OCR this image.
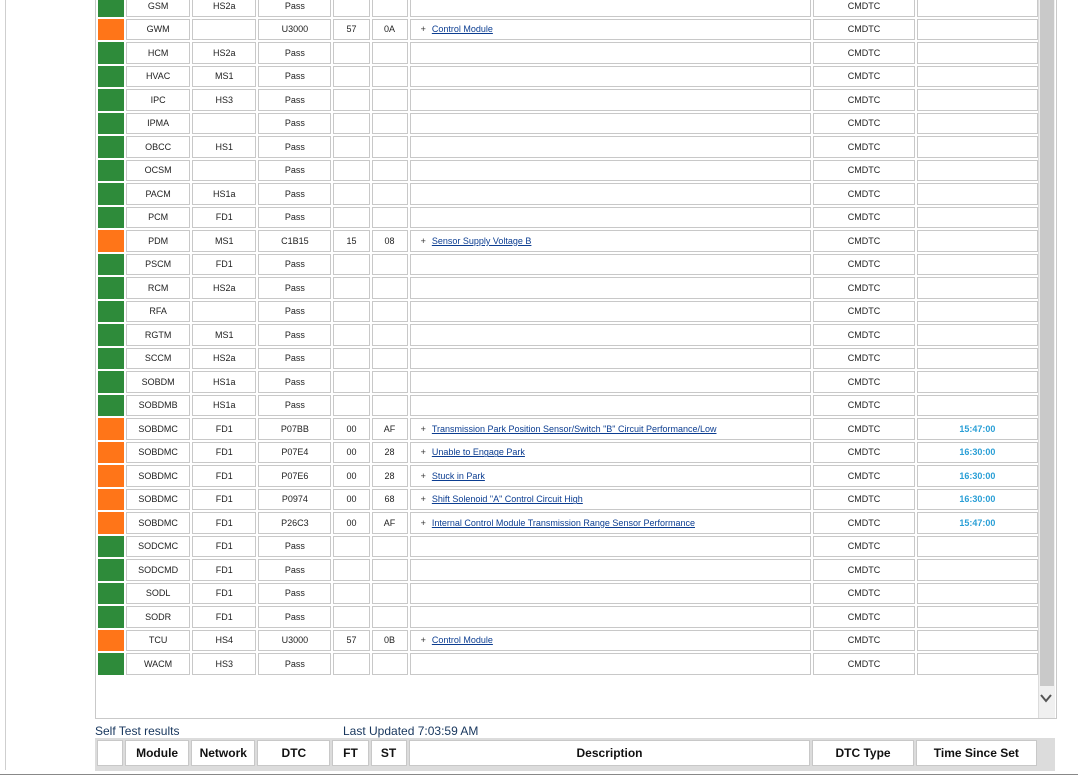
	GSM	HS2a	Pass				CMDTC	
	GWM		U3000	57	0A	+ Control Module	CMDTC	
	HCM	HS2a	Pass				CMDTC	
	HVAC	MS1	Pass				CMDTC	
	IPC	HS3	Pass				CMDTC	
	IPMA		Pass				CMDTC	
	OBCC	HS1	Pass				CMDTC	
	OCSM		Pass				CMDTC	
	PACM	HS1a	Pass				CMDTC	
	PCM	FD1	Pass				CMDTC	
	PDM	MS1	C1B15	15	08	+ Sensor Supply Voltage B	CMDTC	
	PSCM	FD1	Pass				CMDTC	
	RCM	HS2a	Pass				CMDTC	
	RFA		Pass				CMDTC	
	RGTM	MS1	Pass				CMDTC	
	SCCM	HS2a	Pass				CMDTC	
	SOBDM	HS1a	Pass				CMDTC	
	SOBDMB	HS1a	Pass				CMDTC	
	SOBDMC	FD1	P07BB	00	AF	+ Transmission Park Position Sensor/Switch "B" Circuit Performance/Low	CMDTC	15:47:00
	SOBDMC	FD1	P07E4	00	28	+ Unable to Engage Park	CMDTC	16:30:00
	SOBDMC	FD1	P07E6	00	28	+ Stuck in Park	CMDTC	16:30:00
	SOBDMC	FD1	P0974	00	68	+ Shift Solenoid "A" Control Circuit High	CMDTC	16:30:00
	SOBDMC	FD1	P26C3	00	AF	+ Internal Control Module Transmission Range Sensor Performance	CMDTC	15:47:00
	SODCMC	FD1	Pass				CMDTC	
	SODCMD	FD1	Pass				CMDTC	
	SODL	FD1	Pass				CMDTC	
	SODR	FD1	Pass				CMDTC	
	TCU	HS4	U3000	57	0B	+ Control Module	CMDTC	
	WACM	HS3	Pass				CMDTC	
Self Test results	Last Updated 7:03:59 AM
	Module	Network	DTC	FT	ST	Description	DTC Type	Time Since Set
